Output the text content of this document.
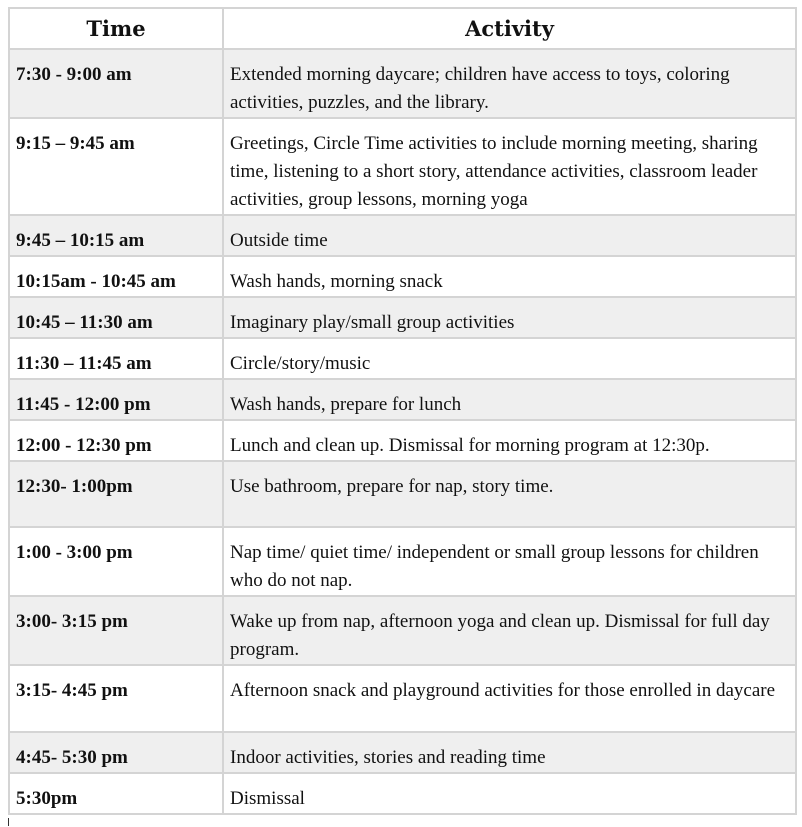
Time	Activity
7:30 - 9:00 am	Extended morning daycare; children have access to toys, coloring activities, puzzles, and the library.
9:15 – 9:45 am	Greetings, Circle Time activities to include morning meeting, sharing time, listening to a short story, attendance activities, classroom leader activities, group lessons, morning yoga
9:45 – 10:15 am	Outside time
10:15am - 10:45 am	Wash hands, morning snack
10:45 – 11:30 am	Imaginary play/small group activities
11:30 – 11:45 am	Circle/story/music
11:45 - 12:00 pm	Wash hands, prepare for lunch
12:00 - 12:30 pm	Lunch and clean up. Dismissal for morning program at 12:30p.
12:30- 1:00pm	Use bathroom, prepare for nap, story time.
1:00 - 3:00 pm	Nap time/ quiet time/ independent or small group lessons for children who do not nap.
3:00- 3:15 pm	Wake up from nap, afternoon yoga and clean up. Dismissal for full day program.
3:15- 4:45 pm	Afternoon snack and playground activities for those enrolled in daycare
4:45- 5:30 pm	Indoor activities, stories and reading time
5:30pm	Dismissal
